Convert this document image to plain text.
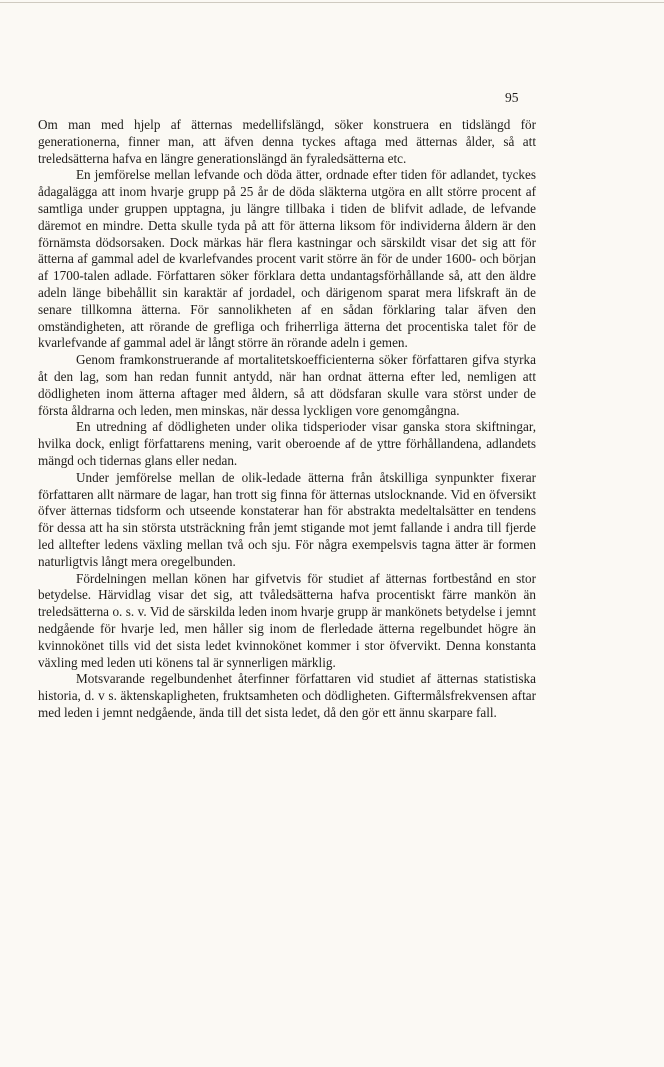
95

Om man med hjelp af ätternas medellifslängd, söker konstruera en tidslängd för generationerna, finner man, att äfven denna tyckes aftaga med ätternas ålder, så att treledsätterna hafva en längre generationslängd än fyraledsätterna etc.

En jemförelse mellan lefvande och döda ätter, ordnade efter tiden för adlandet, tyckes ådagalägga att inom hvarje grupp på 25 år de döda släkterna utgöra en allt större procent af samtliga under gruppen upptagna, ju längre tillbaka i tiden de blifvit adlade, de lefvande däremot en mindre. Detta skulle tyda på att för ätterna liksom för individerna åldern är den förnämsta dödsorsaken. Dock märkas här flera kastningar och särskildt visar det sig att för ätterna af gammal adel de kvarlefvandes procent varit större än för de under 1600- och början af 1700-talen adlade. Författaren söker förklara detta undantagsförhållande så, att den äldre adeln länge bibehållit sin karaktär af jordadel, och därigenom sparat mera lifskraft än de senare tillkomna ätterna. För sannolikheten af en sådan förklaring talar äfven den omständigheten, att rörande de grefliga och friherrliga ätterna det procentiska talet för de kvarlefvande af gammal adel är långt större än rörande adeln i gemen.

Genom framkonstruerande af mortalitetskoefficienterna söker författaren gifva styrka åt den lag, som han redan funnit antydd, när han ordnat ätterna efter led, nemligen att dödligheten inom ätterna aftager med åldern, så att dödsfaran skulle vara störst under de första åldrarna och leden, men minskas, när dessa lyckligen vore genomgångna.

En utredning af dödligheten under olika tidsperioder visar ganska stora skiftningar, hvilka dock, enligt författarens mening, varit oberoende af de yttre förhållandena, adlandets mängd och tidernas glans eller nedan.

Under jemförelse mellan de olik-ledade ätterna från åtskilliga synpunkter fixerar författaren allt närmare de lagar, han trott sig finna för ätternas utslocknande. Vid en öfversikt öfver ätternas tidsform och utseende konstaterar han för abstrakta medeltalsätter en tendens för dessa att ha sin största utsträckning från jemt stigande mot jemt fallande i andra till fjerde led alltefter ledens växling mellan två och sju. För några exempelsvis tagna ätter är formen naturligtvis långt mera oregelbunden.

Fördelningen mellan könen har gifvetvis för studiet af ätternas fortbestånd en stor betydelse. Härvidlag visar det sig, att tvåledsätterna hafva procentiskt färre mankön än treledsätterna o. s. v. Vid de särskilda leden inom hvarje grupp är mankönets betydelse i jemnt nedgående för hvarje led, men håller sig inom de flerledade ätterna regelbundet högre än kvinnokönet tills vid det sista ledet kvinnokönet kommer i stor öfvervikt. Denna konstanta växling med leden uti könens tal är synnerligen märklig.

Motsvarande regelbundenhet återfinner författaren vid studiet af ätternas statistiska historia, d. v s. äktenskapligheten, fruktsamheten och dödligheten. Giftermålsfrekvensen aftar med leden i jemnt nedgående, ända till det sista ledet, då den gör ett ännu skarpare fall.
